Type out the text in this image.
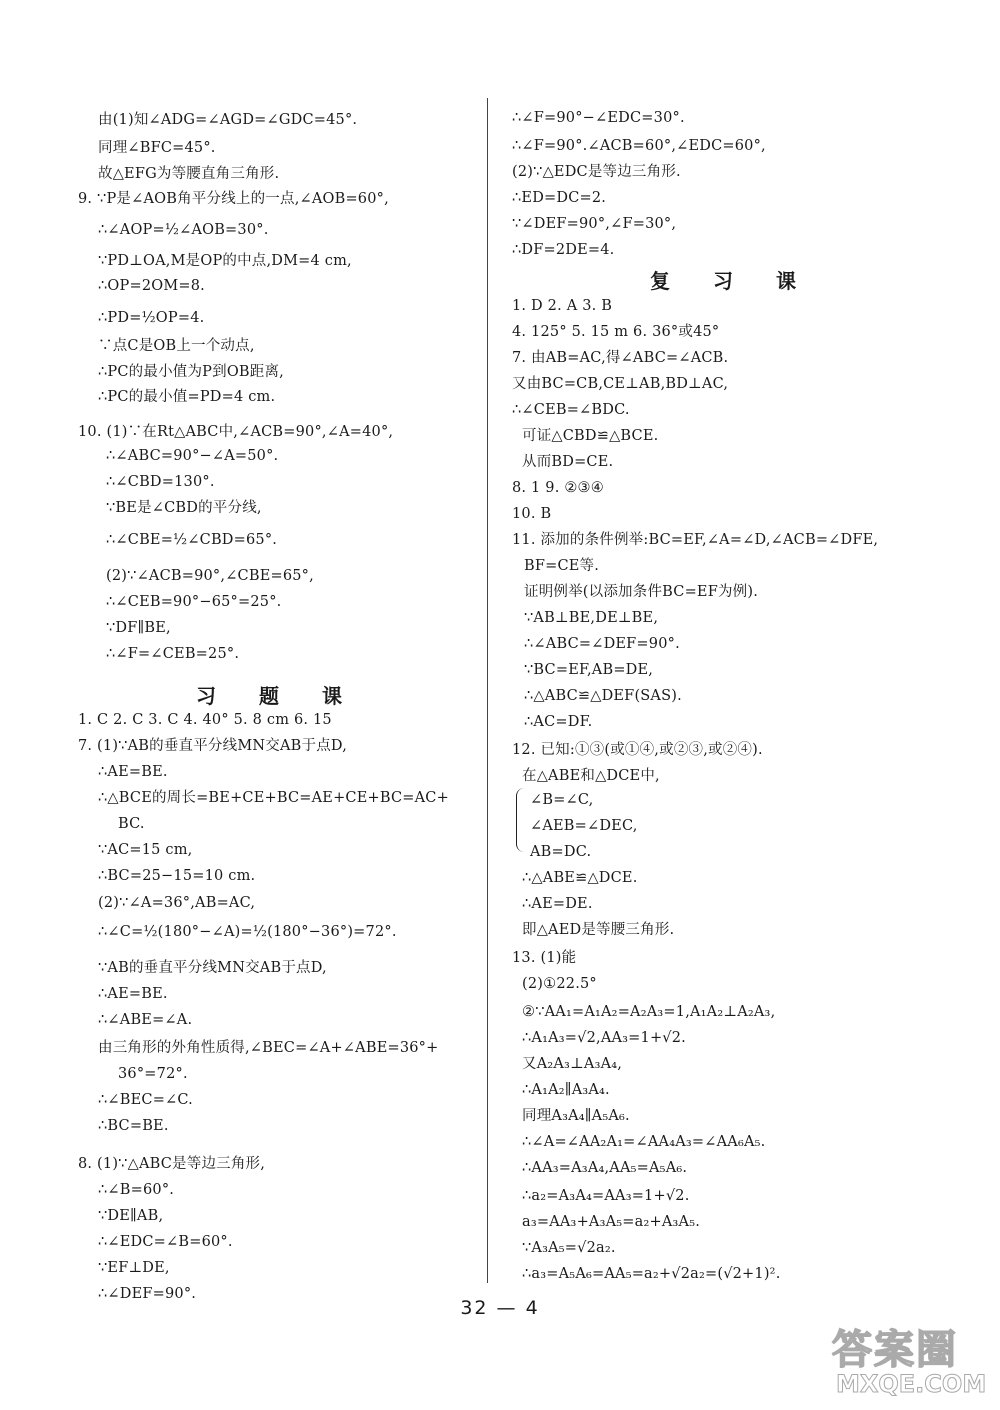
习 题 课
由(1)知∠ADG=∠AGD=∠GDC=45°.
同理∠BFC=45°.
故△EFG为等腰直角三角形.
9. ∵P是∠AOB角平分线上的一点,∠AOB=60°,
∴∠AOP=½∠AOB=30°.
∵PD⊥OA,M是OP的中点,DM=4 cm,
∴OP=2OM=8.
∴PD=½OP=4.
∵点C是OB上一个动点,
∴PC的最小值为P到OB距离,
∴PC的最小值=PD=4 cm.
10. (1)∵在Rt△ABC中,∠ACB=90°,∠A=40°,
∴∠ABC=90°−∠A=50°.
∴∠CBD=130°.
∵BE是∠CBD的平分线,
∴∠CBE=½∠CBD=65°.
(2)∵∠ACB=90°,∠CBE=65°,
∴∠CEB=90°−65°=25°.
∵DF∥BE,
∴∠F=∠CEB=25°.
1. C 2. C 3. C 4. 40° 5. 8 cm 6. 15
7. (1)∵AB的垂直平分线MN交AB于点D,
∴AE=BE.
∴△BCE的周长=BE+CE+BC=AE+CE+BC=AC+
BC.
∵AC=15 cm,
∴BC=25−15=10 cm.
(2)∵∠A=36°,AB=AC,
∴∠C=½(180°−∠A)=½(180°−36°)=72°.
∵AB的垂直平分线MN交AB于点D,
∴AE=BE.
∴∠ABE=∠A.
由三角形的外角性质得,∠BEC=∠A+∠ABE=36°+
36°=72°.
∴∠BEC=∠C.
∴BC=BE.
8. (1)∵△ABC是等边三角形,
∴∠B=60°.
∵DE∥AB,
∴∠EDC=∠B=60°.
∵EF⊥DE,
∴∠DEF=90°.
复 习 课
∴∠F=90°−∠EDC=30°.
∴∠F=90°.∠ACB=60°,∠EDC=60°,
(2)∵△EDC是等边三角形.
∴ED=DC=2.
∵∠DEF=90°,∠F=30°,
∴DF=2DE=4.
1. D 2. A 3. B
4. 125° 5. 15 m 6. 36°或45°
7. 由AB=AC,得∠ABC=∠ACB.
又由BC=CB,CE⊥AB,BD⊥AC,
∴∠CEB=∠BDC.
可证△CBD≌△BCE.
从而BD=CE.
8. 1 9. ②③④
10. B
11. 添加的条件例举:BC=EF,∠A=∠D,∠ACB=∠DFE,
BF=CE等.
证明例举(以添加条件BC=EF为例).
∵AB⊥BE,DE⊥BE,
∴∠ABC=∠DEF=90°.
∵BC=EF,AB=DE,
∴△ABC≌△DEF(SAS).
∴AC=DF.
12. 已知:①③(或①④,或②③,或②④).
在△ABE和△DCE中,
∠B=∠C,
∠AEB=∠DEC,
AB=DC.
∴△ABE≌△DCE.
∴AE=DE.
即△AED是等腰三角形.
13. (1)能
(2)①22.5°
②∵AA₁=A₁A₂=A₂A₃=1,A₁A₂⊥A₂A₃,
∴A₁A₃=√2,AA₃=1+√2.
又A₂A₃⊥A₃A₄,
∴A₁A₂∥A₃A₄.
同理A₃A₄∥A₅A₆.
∴∠A=∠AA₂A₁=∠AA₄A₃=∠AA₆A₅.
∴AA₃=A₃A₄,AA₅=A₅A₆.
∴a₂=A₃A₄=AA₃=1+√2.
a₃=AA₃+A₃A₅=a₂+A₃A₅.
∵A₃A₅=√2a₂.
∴a₃=A₅A₆=AA₅=a₂+√2a₂=(√2+1)².
32 — 4
答案圈
MXQE.COM
